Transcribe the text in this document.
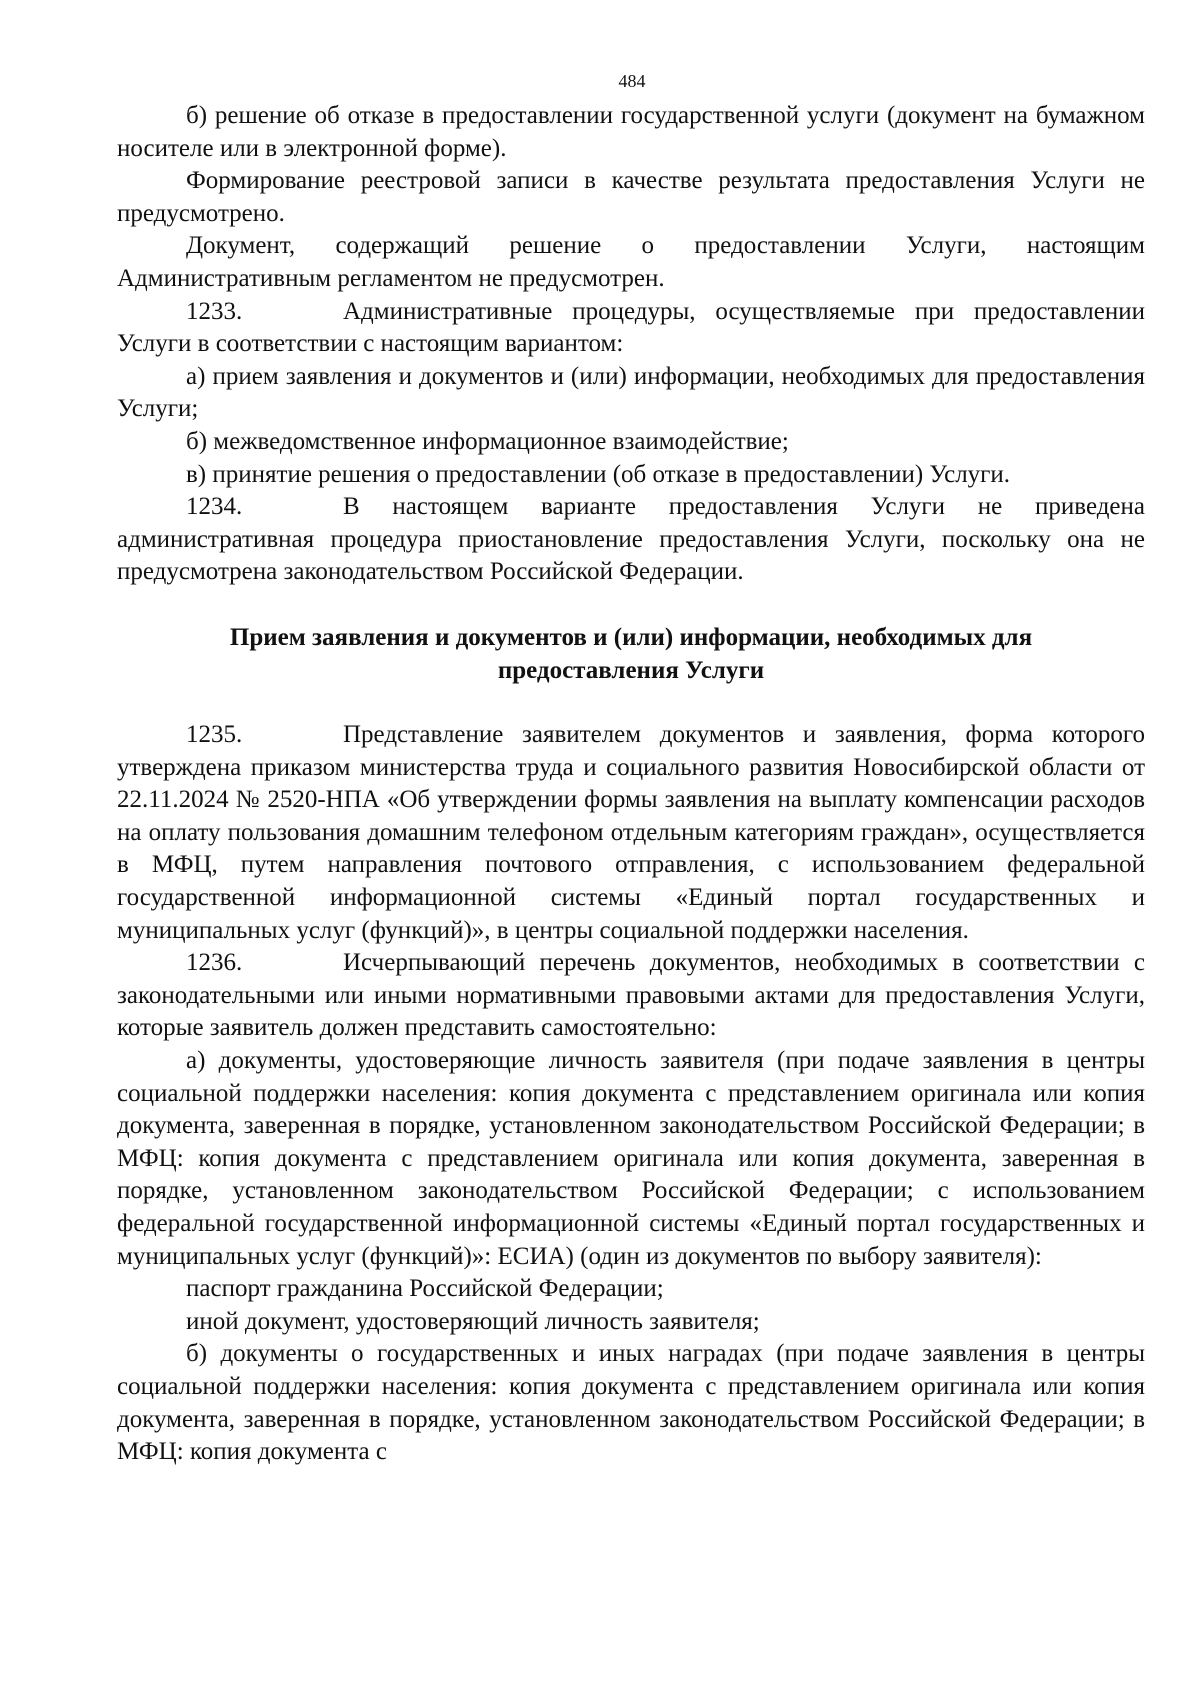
484

б) решение об отказе в предоставлении государственной услуги (документ на бумажном носителе или в электронной форме).

Формирование реестровой записи в качестве результата предоставления Услуги не предусмотрено.

Документ, содержащий решение о предоставлении Услуги, настоящим Административным регламентом не предусмотрен.

1233.	Административные процедуры, осуществляемые при предоставлении Услуги в соответствии с настоящим вариантом:

а) прием заявления и документов и (или) информации, необходимых для предоставления Услуги;

б) межведомственное информационное взаимодействие;

в) принятие решения о предоставлении (об отказе в предоставлении) Услуги.

1234.	В настоящем варианте предоставления Услуги не приведена административная процедура приостановление предоставления Услуги, поскольку она не предусмотрена законодательством Российской Федерации.

Прием заявления и документов и (или) информации, необходимых для
предоставления Услуги

1235.	Представление заявителем документов и заявления, форма которого утверждена приказом министерства труда и социального развития Новосибирской области от 22.11.2024 № 2520-НПА «Об утверждении формы заявления на выплату компенсации расходов на оплату пользования домашним телефоном отдельным категориям граждан», осуществляется в МФЦ, путем направления почтового отправления, с использованием федеральной государственной информационной системы «Единый портал государственных и муниципальных услуг (функций)», в центры социальной поддержки населения.

1236.	Исчерпывающий перечень документов, необходимых в соответствии с законодательными или иными нормативными правовыми актами для предоставления Услуги, которые заявитель должен представить самостоятельно:

а) документы, удостоверяющие личность заявителя (при подаче заявления в центры социальной поддержки населения: копия документа с представлением оригинала или копия документа, заверенная в порядке, установленном законодательством Российской Федерации; в МФЦ: копия документа с представлением оригинала или копия документа, заверенная в порядке, установленном законодательством Российской Федерации; с использованием федеральной государственной информационной системы «Единый портал государственных и муниципальных услуг (функций)»: ЕСИА) (один из документов по выбору заявителя):

паспорт гражданина Российской Федерации;

иной документ, удостоверяющий личность заявителя;

б) документы о государственных и иных наградах (при подаче заявления в центры социальной поддержки населения: копия документа с представлением оригинала или копия документа, заверенная в порядке, установленном законодательством Российской Федерации; в МФЦ: копия документа с
